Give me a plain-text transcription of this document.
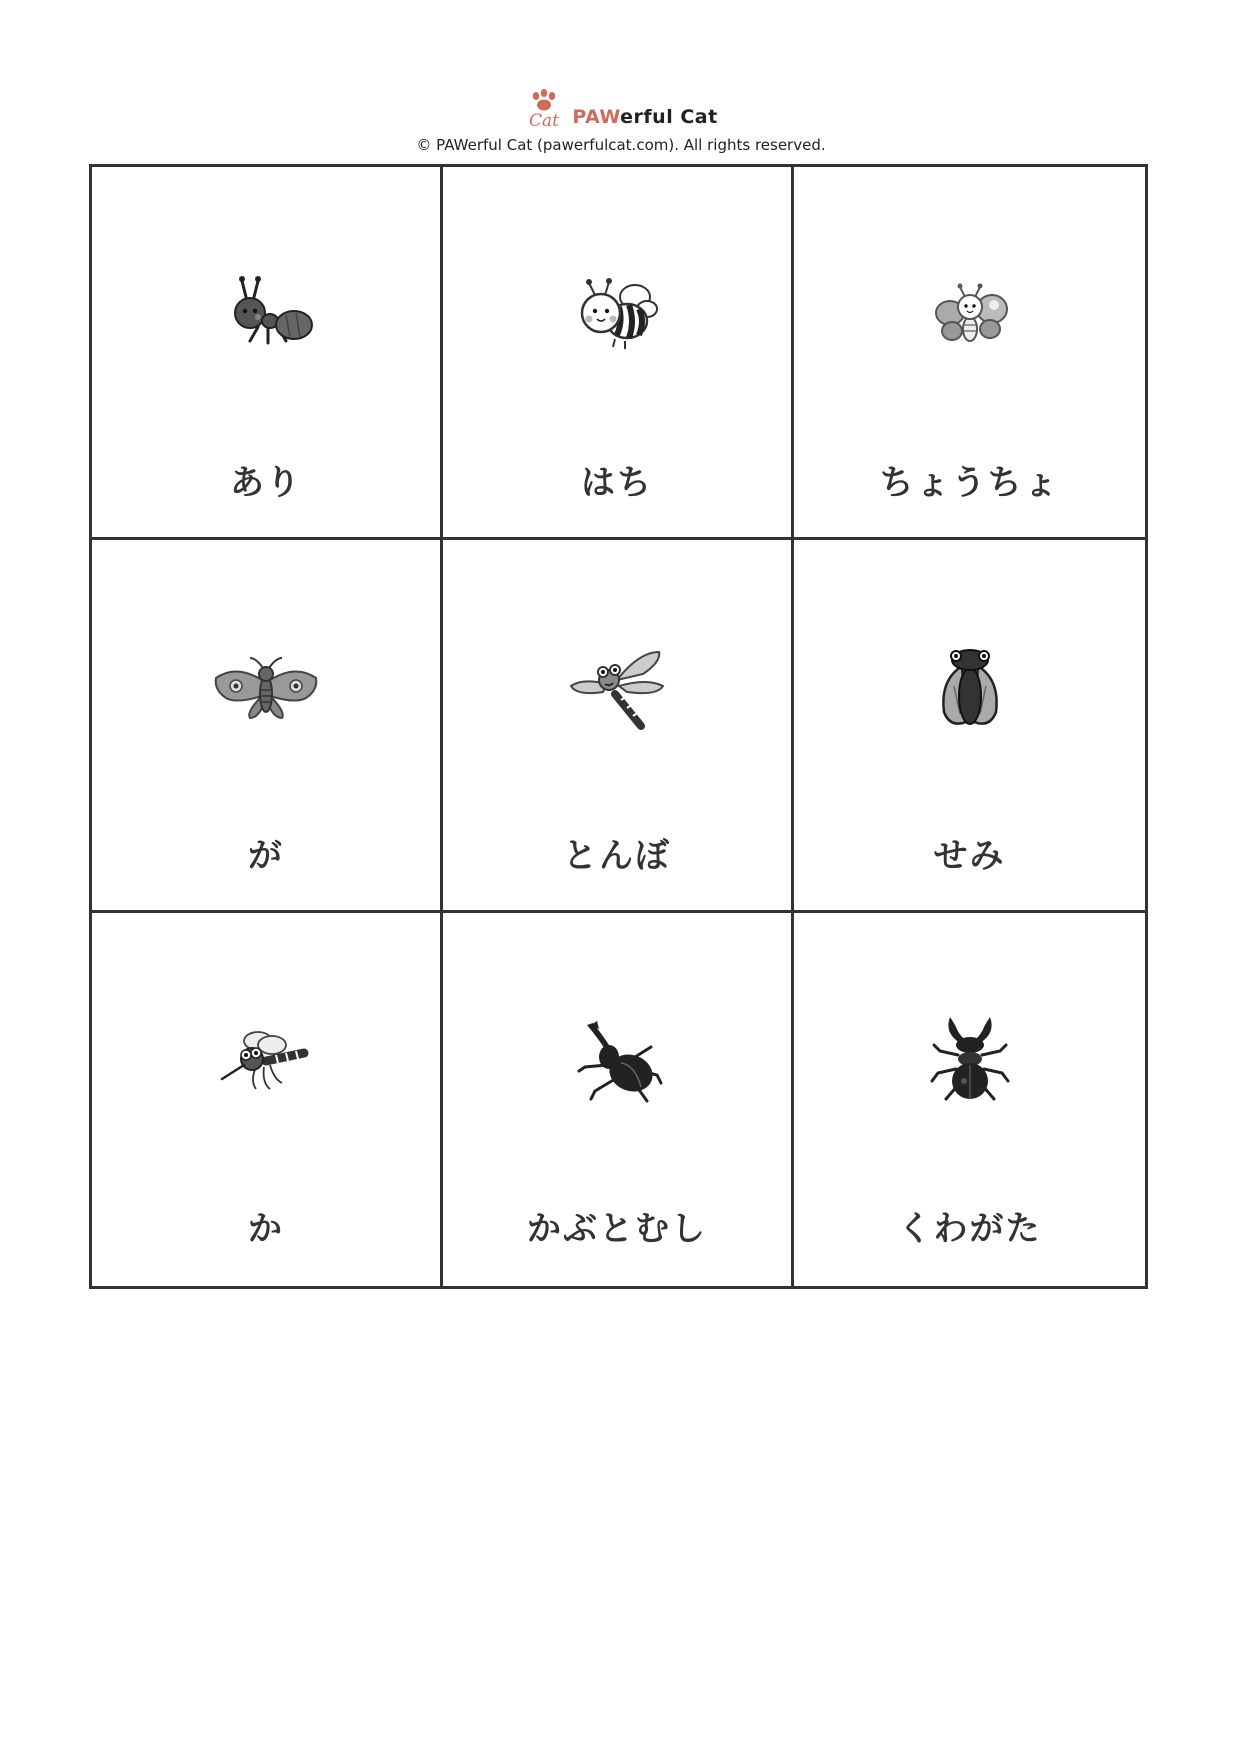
Cat PAWerful Cat
© PAWerful Cat (pawerfulcat.com). All rights reserved.
あり	はち	ちょうちょ
が	とんぼ	せみ
か	かぶとむし	くわがた
